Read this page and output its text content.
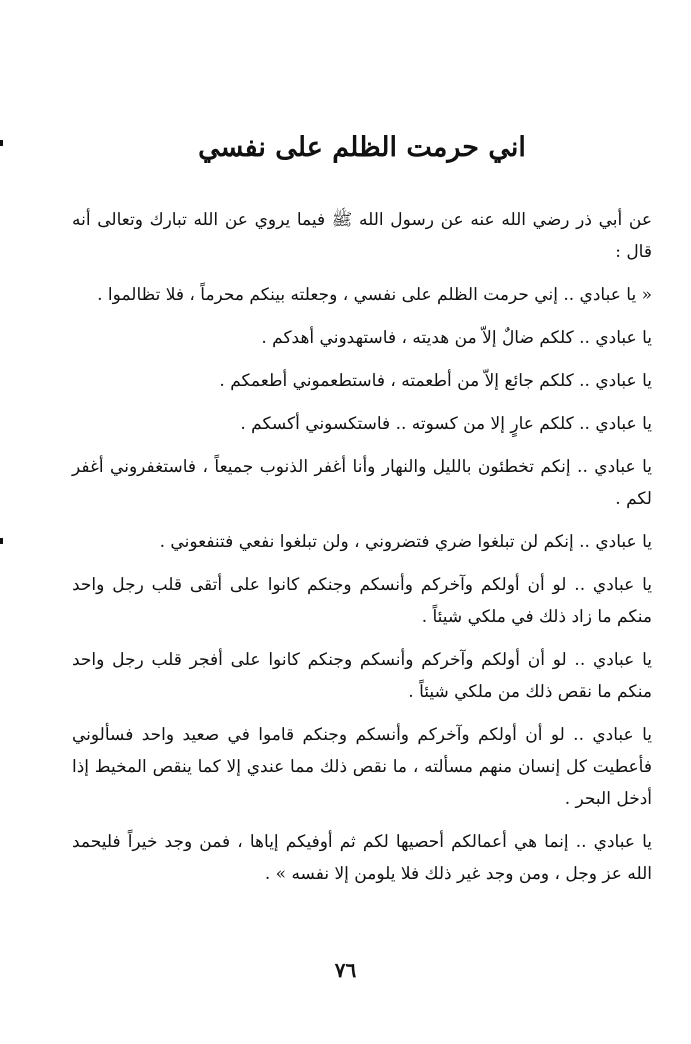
اني حرمت الظلم على نفسي

عن أبي ذر رضي الله عنه عن رسول الله ﷺ فيما يروي عن الله تبارك وتعالى أنه قال :

« يا عبادي .. إني حرمت الظلم على نفسي ، وجعلته بينكم محرماً ، فلا تظالموا .

يا عبادي .. كلكم ضالٌ إلاّ من هديته ، فاستهدوني أهدكم .

يا عبادي .. كلكم جائع إلاّ من أطعمته ، فاستطعموني أطعمكم .

يا عبادي .. كلكم عارٍ إلا من كسوته .. فاستكسوني أكسكم .

يا عبادي .. إنكم تخطئون بالليل والنهار وأنا أغفر الذنوب جميعاً ، فاستغفروني أغفر لكم .

يا عبادي .. إنكم لن تبلغوا ضري فتضروني ، ولن تبلغوا نفعي فتنفعوني .

يا عبادي .. لو أن أولكم وآخركم وأنسكم وجنكم كانوا على أتقى قلب رجل واحد منكم ما زاد ذلك في ملكي شيئاً .

يا عبادي .. لو أن أولكم وآخركم وأنسكم وجنكم كانوا على أفجر قلب رجل واحد منكم ما نقص ذلك من ملكي شيئاً .

يا عبادي .. لو أن أولكم وآخركم وأنسكم وجنكم قاموا في صعيد واحد فسألوني فأعطيت كل إنسان منهم مسألته ، ما نقص ذلك مما عندي إلا كما ينقص المخيط إذا أدخل البحر .

يا عبادي .. إنما هي أعمالكم أحصيها لكم ثم أوفيكم إياها ، فمن وجد خيراً فليحمد الله عز وجل ، ومن وجد غير ذلك فلا يلومن إلا نفسه » .

٧٦
